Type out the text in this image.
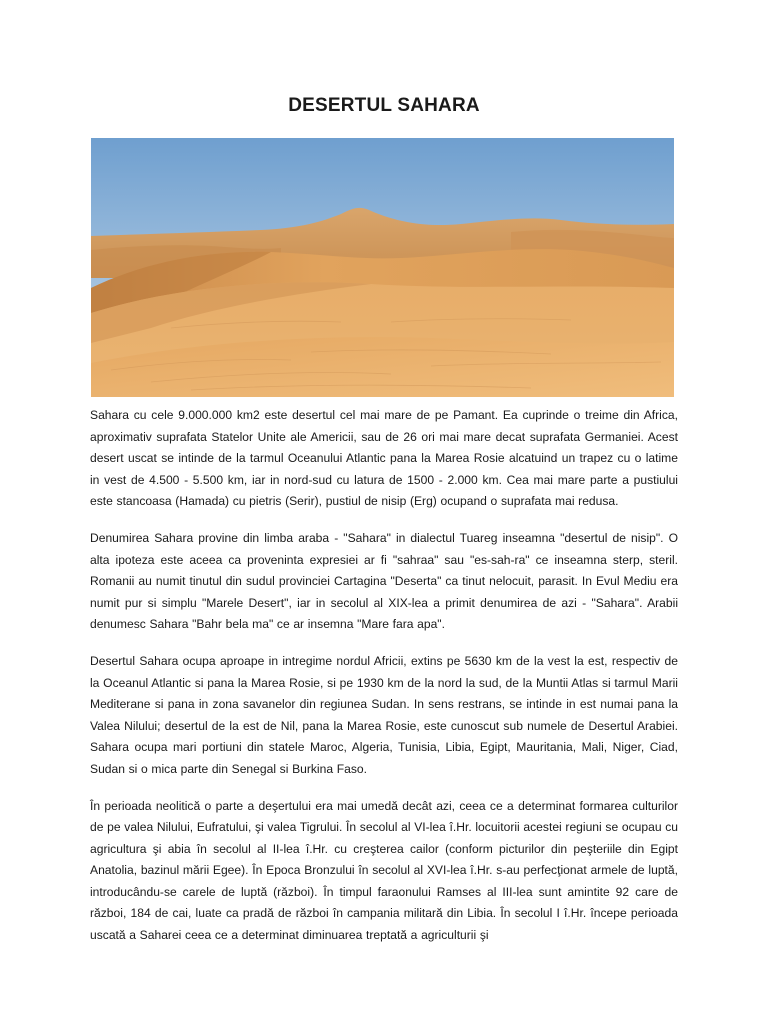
DESERTUL SAHARA

Sahara cu cele 9.000.000 km2 este desertul cel mai mare de pe Pamant. Ea cuprinde o treime din Africa, aproximativ suprafata Statelor Unite ale Americii, sau de 26 ori mai mare decat suprafata Germaniei. Acest desert uscat se intinde de la tarmul Oceanului Atlantic pana la Marea Rosie alcatuind un trapez cu o latime in vest de 4.500 - 5.500 km, iar in nord-sud cu latura de 1500 - 2.000 km. Cea mai mare parte a pustiului este stancoasa (Hamada) cu pietris (Serir), pustiul de nisip (Erg) ocupand o suprafata mai redusa.

Denumirea Sahara provine din limba araba - "Sahara" in dialectul Tuareg inseamna "desertul de nisip". O alta ipoteza este aceea ca proveninta expresiei ar fi "sahraa" sau "es-sah-ra" ce inseamna sterp, steril. Romanii au numit tinutul din sudul provinciei Cartagina "Deserta" ca tinut nelocuit, parasit. In Evul Mediu era numit pur si simplu "Marele Desert", iar in secolul al XIX-lea a primit denumirea de azi - "Sahara". Arabii denumesc Sahara "Bahr bela ma" ce ar insemna "Mare fara apa".

Desertul Sahara ocupa aproape in intregime nordul Africii, extins pe 5630 km de la vest la est, respectiv de la Oceanul Atlantic si pana la Marea Rosie, si pe 1930 km de la nord la sud, de la Muntii Atlas si tarmul Marii Mediterane si pana in zona savanelor din regiunea Sudan. In sens restrans, se intinde in est numai pana la Valea Nilului; desertul de la est de Nil, pana la Marea Rosie, este cunoscut sub numele de Desertul Arabiei. Sahara ocupa mari portiuni din statele Maroc, Algeria, Tunisia, Libia, Egipt, Mauritania, Mali, Niger, Ciad, Sudan si o mica parte din Senegal si Burkina Faso.

În perioada neolitică o parte a deşertului era mai umedă decât azi, ceea ce a determinat formarea culturilor de pe valea Nilului, Eufratului, şi valea Tigrului. În secolul al VI-lea î.Hr. locuitorii acestei regiuni se ocupau cu agricultura şi abia în secolul al II-lea î.Hr. cu creşterea cailor (conform picturilor din peşteriile din Egipt Anatolia, bazinul mării Egee). În Epoca Bronzului în secolul al XVI-lea î.Hr. s-au perfecţionat armele de luptă, introducându-se carele de luptă (război). În timpul faraonului Ramses al III-lea sunt amintite 92 care de război, 184 de cai, luate ca pradă de război în campania militară din Libia. În secolul I î.Hr. începe perioada uscată a Saharei ceea ce a determinat diminuarea treptată a agriculturii şi
